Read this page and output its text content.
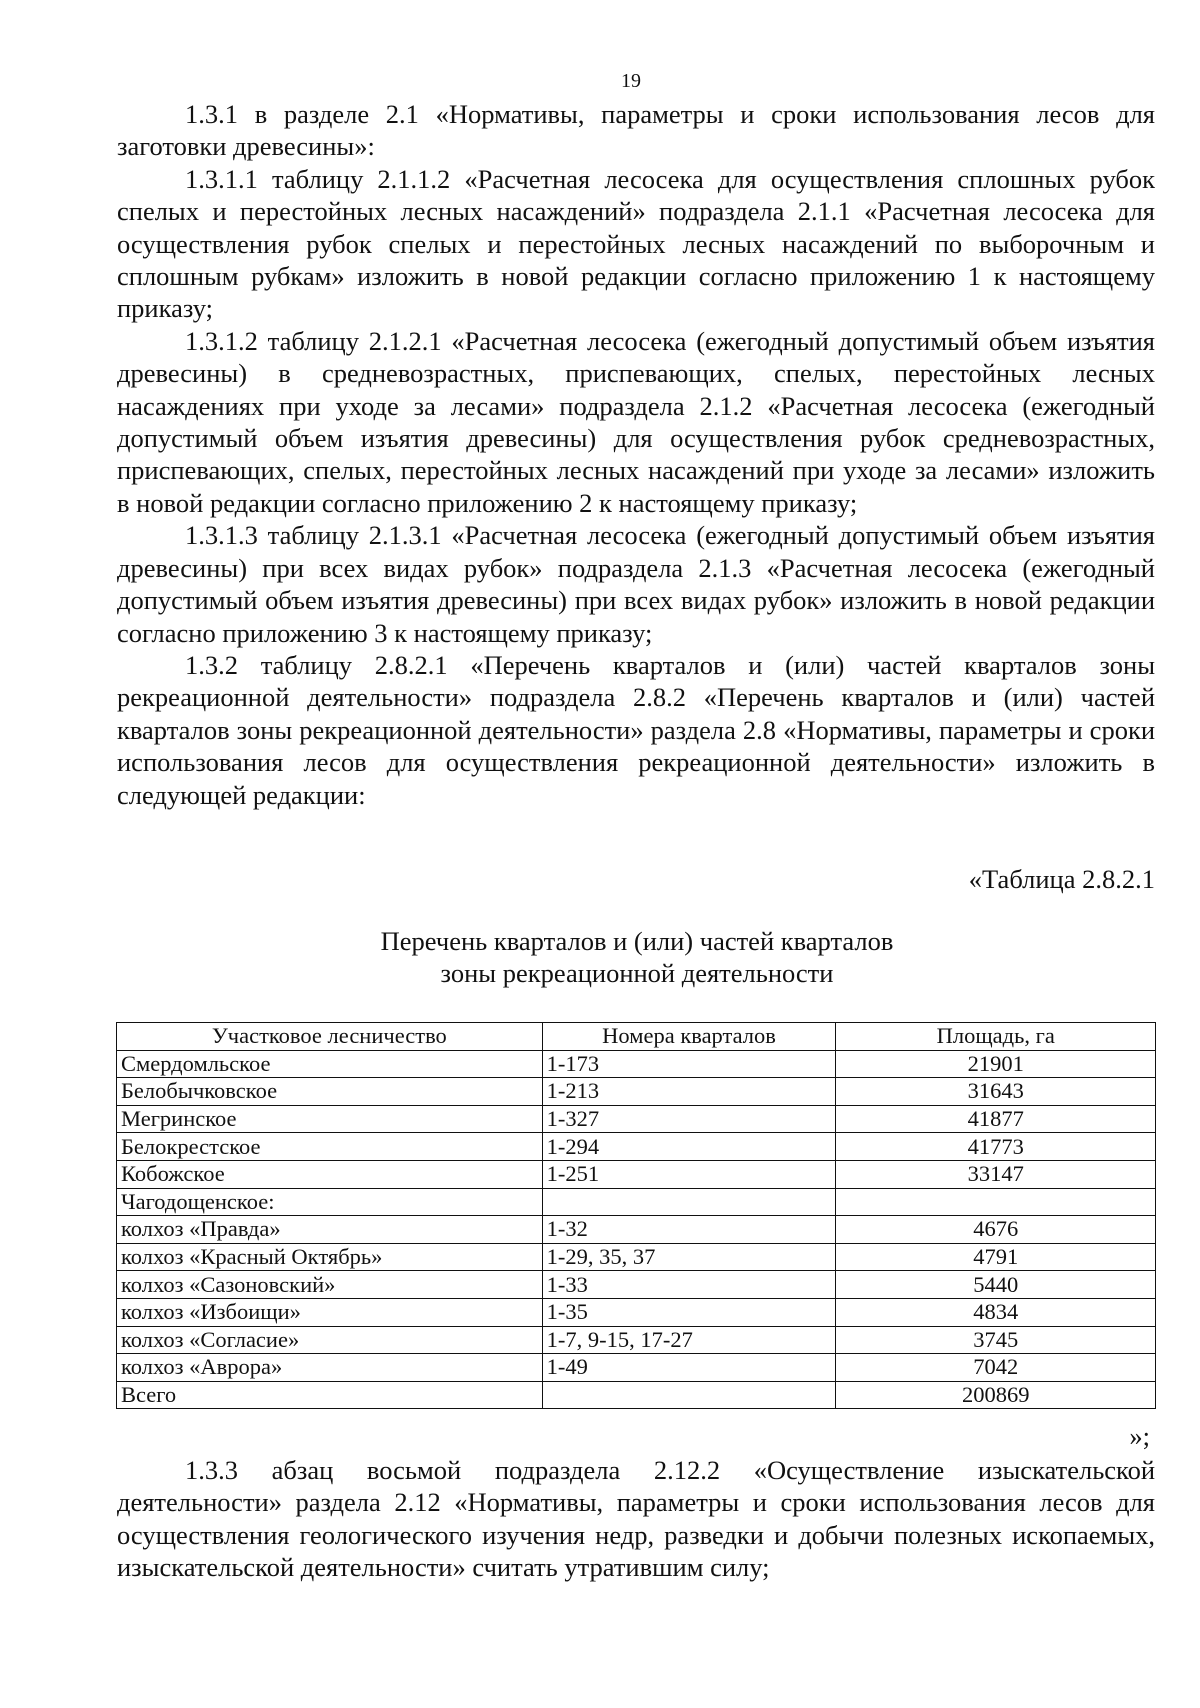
19

1.3.1 в разделе 2.1 «Нормативы, параметры и сроки использования лесов для заготовки древесины»:

1.3.1.1 таблицу 2.1.1.2 «Расчетная лесосека для осуществления сплошных рубок спелых и перестойных лесных насаждений» подраздела 2.1.1 «Расчетная лесосека для осуществления рубок спелых и перестойных лесных насаждений по выборочным и сплошным рубкам» изложить в новой редакции согласно приложению 1 к настоящему приказу;

1.3.1.2 таблицу 2.1.2.1 «Расчетная лесосека (ежегодный допустимый объем изъятия древесины) в средневозрастных, приспевающих, спелых, перестойных лесных насаждениях при уходе за лесами» подраздела 2.1.2 «Расчетная лесосека (ежегодный допустимый объем изъятия древесины) для осуществления рубок средневозрастных, приспевающих, спелых, перестойных лесных насаждений при уходе за лесами» изложить в новой редакции согласно приложению 2 к настоящему приказу;

1.3.1.3 таблицу 2.1.3.1 «Расчетная лесосека (ежегодный допустимый объем изъятия древесины) при всех видах рубок» подраздела 2.1.3 «Расчетная лесосека (ежегодный допустимый объем изъятия древесины) при всех видах рубок» изложить в новой редакции согласно приложению 3 к настоящему приказу;

1.3.2 таблицу 2.8.2.1 «Перечень кварталов и (или) частей кварталов зоны рекреационной деятельности» подраздела 2.8.2 «Перечень кварталов и (или) частей кварталов зоны рекреационной деятельности» раздела 2.8 «Нормативы, параметры и сроки использования лесов для осуществления рекреационной деятельности» изложить в следующей редакции:

«Таблица 2.8.2.1
Перечень кварталов и (или) частей кварталов
зоны рекреационной деятельности
Участковое лесничество	Номера кварталов	Площадь, га
Смердомльское	1-173	21901
Белобычковское	1-213	31643
Мегринское	1-327	41877
Белокрестское	1-294	41773
Кобожское	1-251	33147
Чагодощенское:		
колхоз «Правда»	1-32	4676
колхоз «Красный Октябрь»	1-29, 35, 37	4791
колхоз «Сазоновский»	1-33	5440
колхоз «Избоищи»	1-35	4834
колхоз «Согласие»	1-7, 9-15, 17-27	3745
колхоз «Аврора»	1-49	7042
Всего		200869
»;

1.3.3 абзац восьмой подраздела 2.12.2 «Осуществление изыскательской деятельности» раздела 2.12 «Нормативы, параметры и сроки использования лесов для осуществления геологического изучения недр, разведки и добычи полезных ископаемых, изыскательской деятельности» считать утратившим силу;
